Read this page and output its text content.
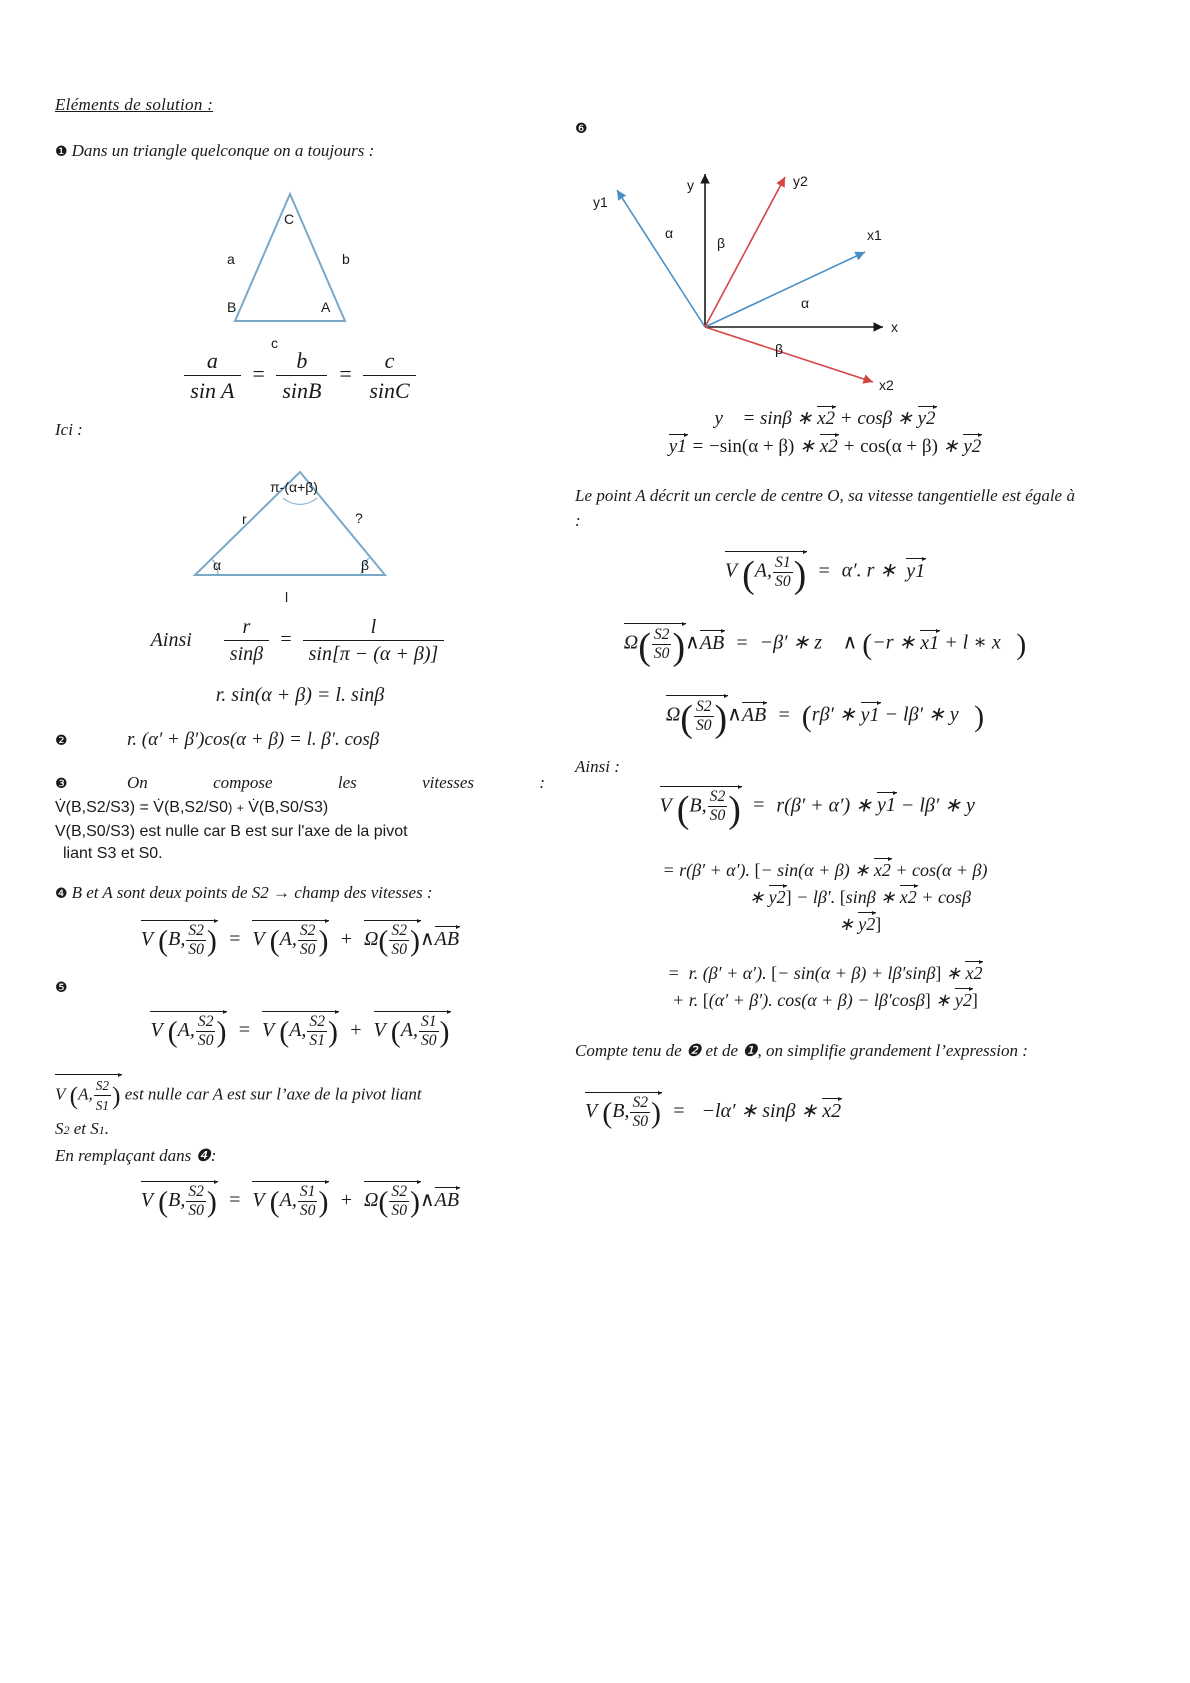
Eléments de solution :
❶ Dans un triangle quelconque on a toujours :
C
B	A
a	b
c
$\frac{a}{\text{sin A}} = \frac{b}{\sin B} = \frac{c}{\sin C}$
Ici :
π-(α+β)
α	β
r	?
l
Ainsi $\frac{r}{\sin\beta} = \frac{l}{\sin[\pi - (\alpha + \beta)]}$
r. sin(α + β) = l. sinβ
❷	r. (α′ + β′)cos(α + β) = l. β′. cosβ
❸	On compose les vitesses :
V̇(B,S2/S3) = V̇(B,S2/S0) + V̇(B,S0/S3)
V(B,S0/S3) est nulle car B est sur l'axe de la pivot
liant S3 et S0.
❹ B et A sont deux points de S2 → champ des vitesses :
V (B, $\frac{S2}{S0}$ ) = V (A, $\frac{S2}{S0}$ ) + $\Omega( \frac{S2}{S0}$ )∧AB
❺
V (A, $\frac{S2}{S0}$ ) = V (A, $\frac{S2}{S1}$ ) + V (A, $\frac{S1}{S0}$ )
V (A, $\frac{S2}{S1}$ ) est nulle car A est sur l’axe de la pivot liant
S2 et S1.
En remplaçant dans ❹:
V (B, $\frac{S2}{S0}$ ) = V (A, $\frac{S1}{S0}$ ) + $\Omega( \frac{S2}{S0}$ )∧AB
❻
y
y1
y2
x
x1
x2
α
β
α
β
y⃗ = sinβ ∗ x2 + cosβ ∗ y2
y1 = −sin(α + β) ∗ x2 + cos(α + β) ∗ y2
Le point A décrit un cercle de centre O, sa vitesse tangentielle est égale à :
V (A, $\frac{S1}{S0}$ ) = α′. r ∗  y1
$\Omega( \frac{S2}{S0}$ )∧AB = −β′ ∗ z⃗ ∧ (−r ∗ x1 + l ∗ x⃗)
$\Omega( \frac{S2}{S0}$ )∧AB = (rβ′ ∗ y1 − lβ′ ∗ y⃗)
Ainsi :
V (B, $\frac{S2}{S0}$ ) = r(β′ + α′) ∗ y1 − lβ′ ∗ y⃗
= r(β′ + α′). [− sin(α + β) ∗ x2 + cos(α + β)
∗ y2] − lβ′. [sinβ ∗ x2 + cosβ
∗ y2]
=  r. (β′ + α′). [− sin(α + β) + lβ′sinβ] ∗ x2
+ r. [(α′ + β′). cos(α + β) − lβ′cosβ] ∗ y2]
Compte tenu de ❷ et de ❶, on simplifie grandement l’expression :
V (B, $\frac{S2}{S0}$ ) =  −lα′ ∗ sinβ ∗ x2
